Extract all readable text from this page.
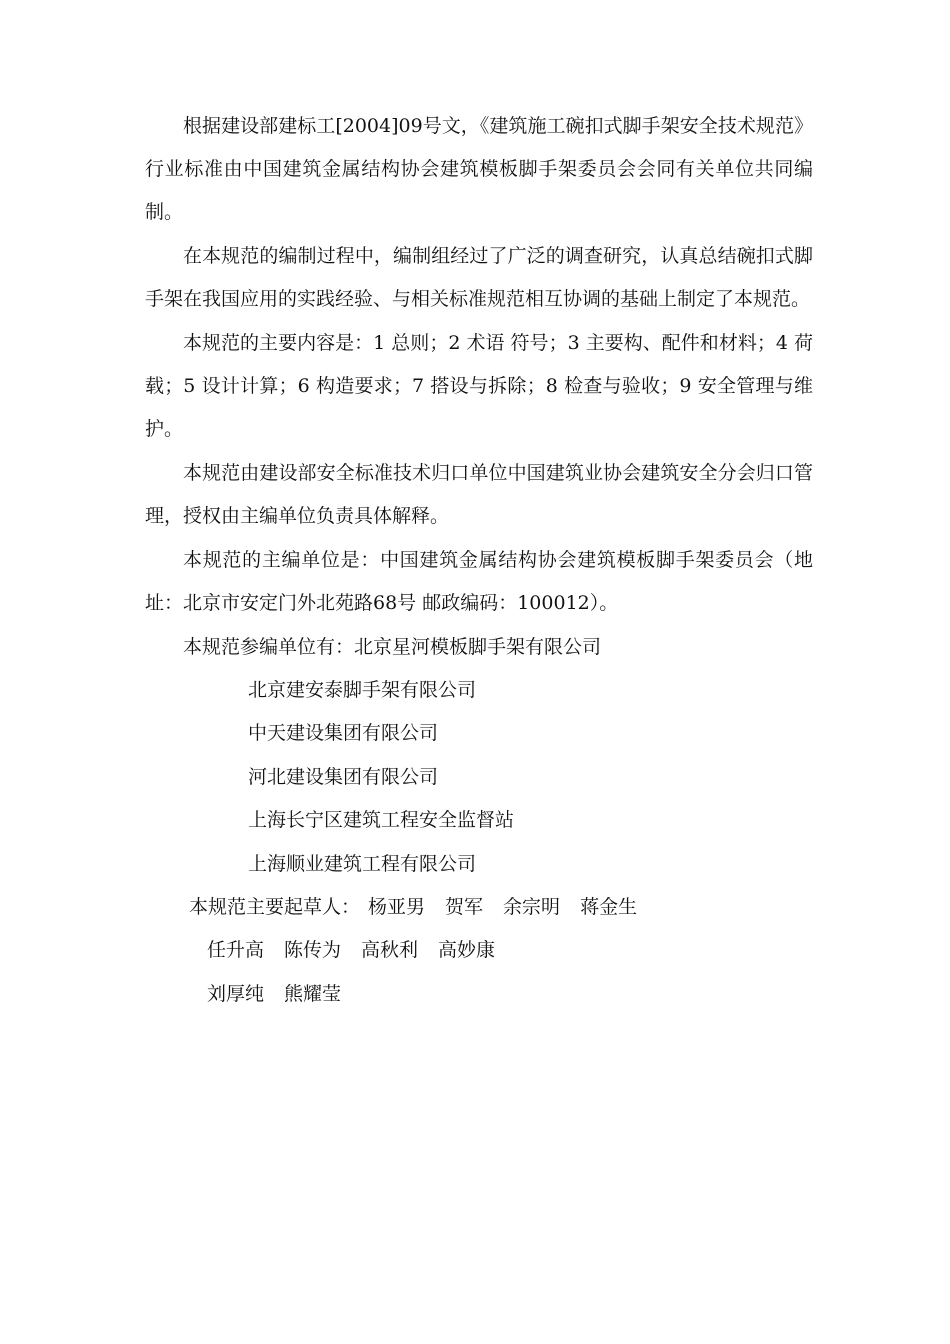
根据建设部建标工[2004]09号文，《建筑施工碗扣式脚手架安全技术规范》行业标准由中国建筑金属结构协会建筑模板脚手架委员会会同有关单位共同编制。

在本规范的编制过程中，编制组经过了广泛的调查研究，认真总结碗扣式脚手架在我国应用的实践经验、与相关标准规范相互协调的基础上制定了本规范。

本规范的主要内容是：1 总则；2 术语 符号；3 主要构、配件和材料；4 荷载；5 设计计算；6 构造要求；7 搭设与拆除；8 检查与验收；9 安全管理与维护。

本规范由建设部安全标准技术归口单位中国建筑业协会建筑安全分会归口管理，授权由主编单位负责具体解释。

本规范的主编单位是：中国建筑金属结构协会建筑模板脚手架委员会（地址：北京市安定门外北苑路68号 邮政编码：100012）。

本规范参编单位有：北京星河模板脚手架有限公司

北京建安泰脚手架有限公司

中天建设集团有限公司

河北建设集团有限公司

上海长宁区建筑工程安全监督站

上海顺业建筑工程有限公司

本规范主要起草人： 杨亚男 贺军 余宗明 蒋金生

任升高 陈传为 高秋利 高妙康

刘厚纯 熊耀莹
